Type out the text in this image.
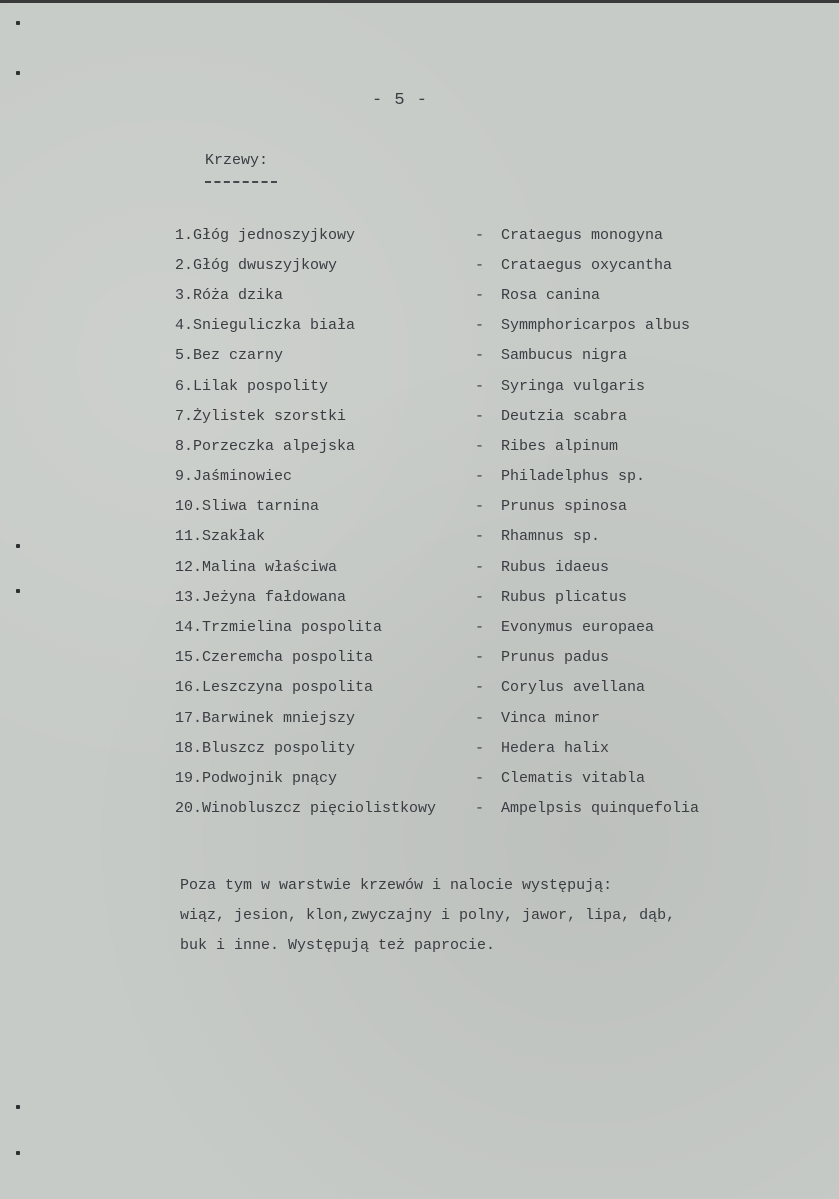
- 5 -
Krzewy:
1.Głóg jednoszyjkowy	-	Crataegus monogyna
2.Głóg dwuszyjkowy	-	Crataegus oxycantha
3.Róża dzika	-	Rosa canina
4.Snieguliczka biała	-	Symmphoricarpos albus
5.Bez czarny	-	Sambucus nigra
6.Lilak pospolity	-	Syringa vulgaris
7.Żylistek szorstki	-	Deutzia scabra
8.Porzeczka alpejska	-	Ribes alpinum
9.Jaśminowiec	-	Philadelphus sp.
10.Sliwa tarnina	-	Prunus spinosa
11.Szakłak	-	Rhamnus sp.
12.Malina właściwa	-	Rubus idaeus
13.Jeżyna fałdowana	-	Rubus plicatus
14.Trzmielina pospolita	-	Evonymus europaea
15.Czeremcha pospolita	-	Prunus padus
16.Leszczyna pospolita	-	Corylus avellana
17.Barwinek mniejszy	-	Vinca minor
18.Bluszcz pospolity	-	Hedera halix
19.Podwojnik pnący	-	Clematis vitabla
20.Winobluszcz pięciolistkowy	-	Ampelpsis quinquefolia
Poza tym w warstwie krzewów i nalocie występują:
wiąz, jesion, klon,zwyczajny i polny, jawor, lipa, dąb,
buk i inne. Występują też paprocie.
